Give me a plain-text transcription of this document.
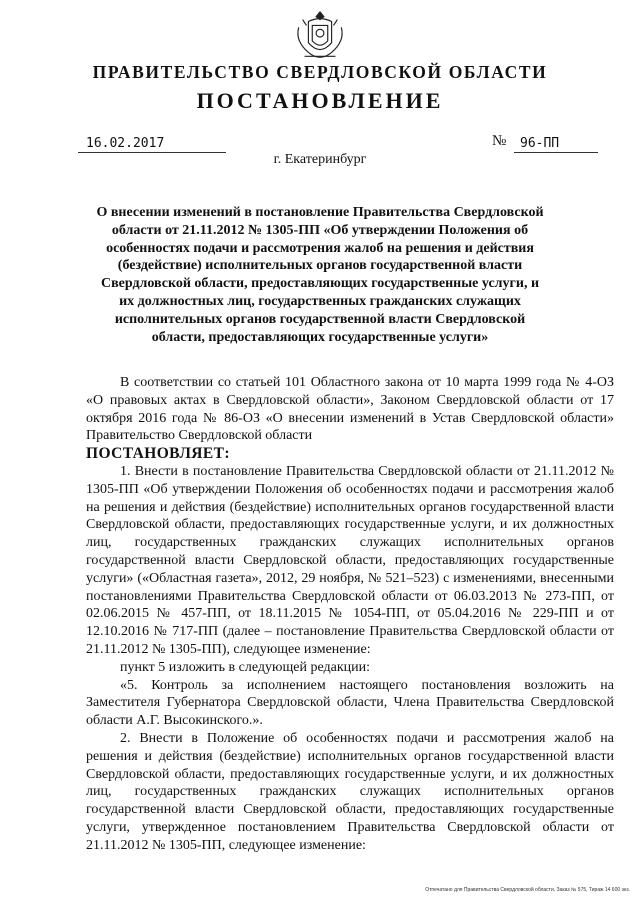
ПРАВИТЕЛЬСТВО СВЕРДЛОВСКОЙ ОБЛАСТИ
ПОСТАНОВЛЕНИЕ
16.02.2017	№	96-ПП
г. Екатеринбург
О внесении изменений в постановление Правительства Свердловской области от 21.11.2012 № 1305-ПП «Об утверждении Положения об особенностях подачи и рассмотрения жалоб на решения и действия (бездействие) исполнительных органов государственной власти Свердловской области, предоставляющих государственные услуги, и их должностных лиц, государственных гражданских служащих исполнительных органов государственной власти Свердловской области, предоставляющих государственные услуги»

В соответствии со статьей 101 Областного закона от 10 марта 1999 года № 4-ОЗ «О правовых актах в Свердловской области», Законом Свердловской области от 17 октября 2016 года № 86-ОЗ «О внесении изменений в Устав Свердловской области» Правительство Свердловской области

ПОСТАНОВЛЯЕТ:

1. Внести в постановление Правительства Свердловской области от 21.11.2012 № 1305-ПП «Об утверждении Положения об особенностях подачи и рассмотрения жалоб на решения и действия (бездействие) исполнительных органов государственной власти Свердловской области, предоставляющих государственные услуги, и их должностных лиц, государственных гражданских служащих исполнительных органов государственной власти Свердловской области, предоставляющих государственные услуги» («Областная газета», 2012, 29 ноября, № 521–523) с изменениями, внесенными постановлениями Правительства Свердловской области от 06.03.2013 № 273-ПП, от 02.06.2015 № 457-ПП, от 18.11.2015 № 1054-ПП, от 05.04.2016 № 229-ПП и от 12.10.2016 № 717-ПП (далее – постановление Правительства Свердловской области от 21.11.2012 № 1305-ПП), следующее изменение:

пункт 5 изложить в следующей редакции:

«5. Контроль за исполнением настоящего постановления возложить на Заместителя Губернатора Свердловской области, Члена Правительства Свердловской области А.Г. Высокинского.».

2. Внести в Положение об особенностях подачи и рассмотрения жалоб на решения и действия (бездействие) исполнительных органов государственной власти Свердловской области, предоставляющих государственные услуги, и их должностных лиц, государственных гражданских служащих исполнительных органов государственной власти Свердловской области, предоставляющих государственные услуги, утвержденное постановлением Правительства Свердловской области от 21.11.2012 № 1305-ПП, следующее изменение:

Отпечатано для Правительства Свердловской области, Заказ № 575, Тираж 14 600 экз.
